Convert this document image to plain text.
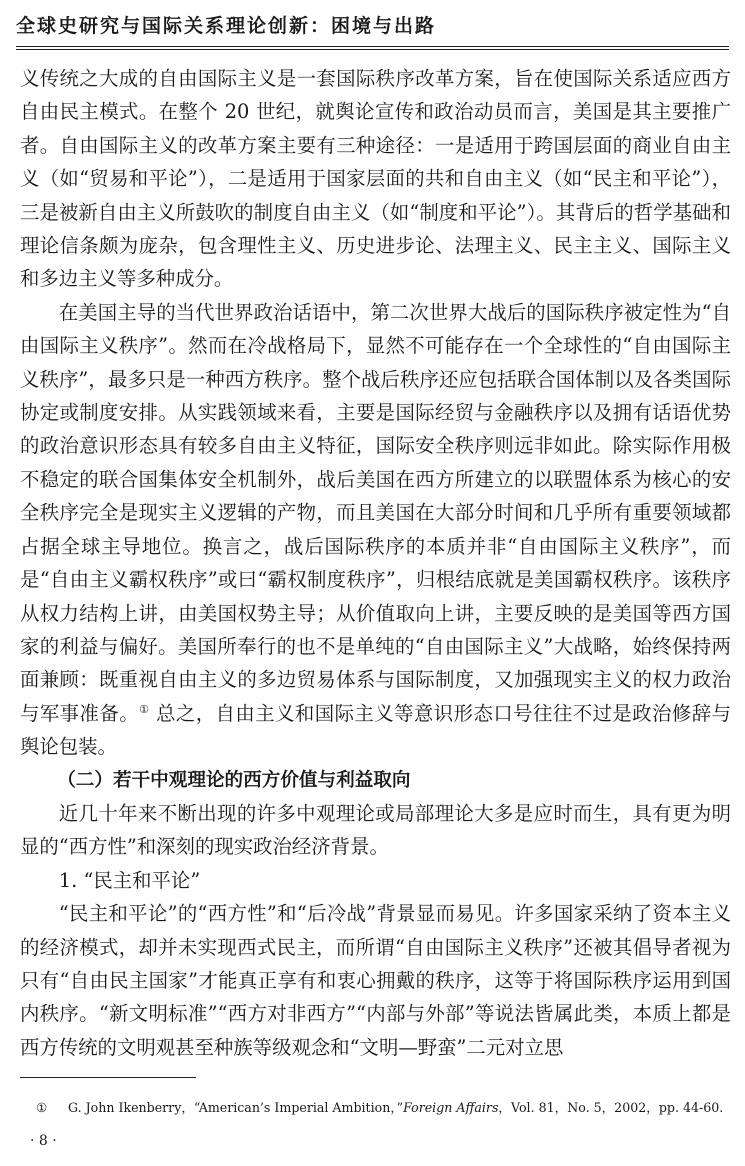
全球史研究与国际关系理论创新：困境与出路

义传统之大成的自由国际主义是一套国际秩序改革方案，旨在使国际关系适应西方自由民主模式。在整个 20 世纪，就舆论宣传和政治动员而言，美国是其主要推广者。自由国际主义的改革方案主要有三种途径：一是适用于跨国层面的商业自由主义（如“贸易和平论”），二是适用于国家层面的共和自由主义（如“民主和平论”），三是被新自由主义所鼓吹的制度自由主义（如“制度和平论”）。其背后的哲学基础和理论信条颇为庞杂，包含理性主义、历史进步论、法理主义、民主主义、国际主义和多边主义等多种成分。

在美国主导的当代世界政治话语中，第二次世界大战后的国际秩序被定性为“自由国际主义秩序”。然而在冷战格局下，显然不可能存在一个全球性的“自由国际主义秩序”，最多只是一种西方秩序。整个战后秩序还应包括联合国体制以及各类国际协定或制度安排。从实践领域来看，主要是国际经贸与金融秩序以及拥有话语优势的政治意识形态具有较多自由主义特征，国际安全秩序则远非如此。除实际作用极不稳定的联合国集体安全机制外，战后美国在西方所建立的以联盟体系为核心的安全秩序完全是现实主义逻辑的产物，而且美国在大部分时间和几乎所有重要领域都占据全球主导地位。换言之，战后国际秩序的本质并非“自由国际主义秩序”，而是“自由主义霸权秩序”或曰“霸权制度秩序”，归根结底就是美国霸权秩序。该秩序从权力结构上讲，由美国权势主导；从价值取向上讲，主要反映的是美国等西方国家的利益与偏好。美国所奉行的也不是单纯的“自由国际主义”大战略，始终保持两面兼顾：既重视自由主义的多边贸易体系与国际制度，又加强现实主义的权力政治与军事准备。① 总之，自由主义和国际主义等意识形态口号往往不过是政治修辞与舆论包装。

（二）若干中观理论的西方价值与利益取向

近几十年来不断出现的许多中观理论或局部理论大多是应时而生，具有更为明显的“西方性”和深刻的现实政治经济背景。

1. “民主和平论”

“民主和平论”的“西方性”和“后冷战”背景显而易见。许多国家采纳了资本主义的经济模式，却并未实现西式民主，而所谓“自由国际主义秩序”还被其倡导者视为只有“自由民主国家”才能真正享有和衷心拥戴的秩序，这等于将国际秩序运用到国内秩序。“新文明标准”“西方对非西方”“内部与外部”等说法皆属此类，本质上都是西方传统的文明观甚至种族等级观念和“文明—野蛮”二元对立思

① G. John Ikenberry，“American’s Imperial Ambition，”Foreign Affairs，Vol. 81，No. 5，2002，pp. 44-60.
· 8 ·
